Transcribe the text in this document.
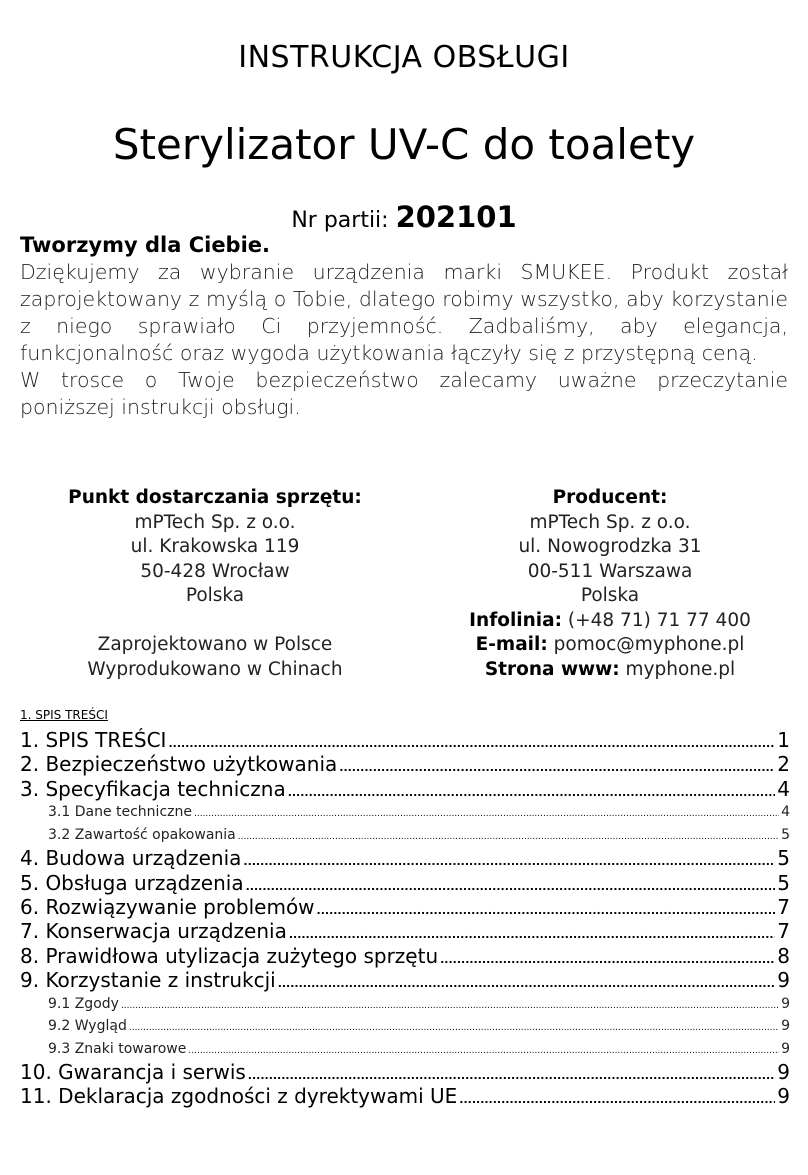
INSTRUKCJA OBSŁUGI
Sterylizator UV-C do toalety
Nr partii: 202101
Tworzymy dla Ciebie.

Dziękujemy za wybranie urządzenia marki SMUKEE. Produkt został zaprojektowany z myślą o Tobie, dlatego robimy wszystko, aby korzystanie z niego sprawiało Ci przyjemność. Zadbaliśmy, aby elegancja, funkcjonalność oraz wygoda użytkowania łączyły się z przystępną ceną.

W trosce o Twoje bezpieczeństwo zalecamy uważne przeczytanie poniższej instrukcji obsługi.

Punkt dostarczania sprzętu:
mPTech Sp. z o.o.
ul. Krakowska 119
50-428 Wrocław
Polska
Zaprojektowano w Polsce
Wyprodukowano w Chinach
Producent:
mPTech Sp. z o.o.
ul. Nowogrodzka 31
00-511 Warszawa
Polska
Infolinia: (+48 71) 71 77 400
E-mail: pomoc@myphone.pl
Strona www: myphone.pl
1. SPIS TREŚCI
1. SPIS TREŚCI .....	1
2. Bezpieczeństwo użytkowania .....	2
3. Specyfikacja techniczna .....	4
3.1 Dane techniczne .....	4
3.2 Zawartość opakowania .....	5
4. Budowa urządzenia .....	5
5. Obsługa urządzenia .....	5
6. Rozwiązywanie problemów .....	7
7. Konserwacja urządzenia .....	7
8. Prawidłowa utylizacja zużytego sprzętu .....	8
9. Korzystanie z instrukcji .....	9
9.1 Zgody .....	9
9.2 Wygląd .....	9
9.3 Znaki towarowe .....	9
10. Gwarancja i serwis .....	9
11. Deklaracja zgodności z dyrektywami UE .....	9
